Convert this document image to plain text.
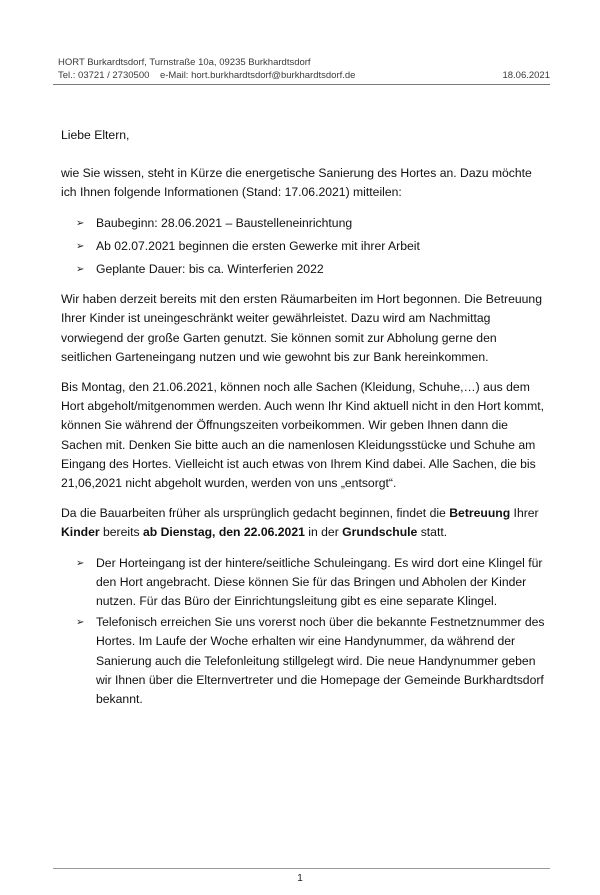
HORT Burkardtsdorf, Turnstraße 10a, 09235 Burkhardtsdorf
Tel.: 03721 / 2730500    e-Mail: hort.burkhardtsdorf@burkhardtsdorf.de	18.06.2021

Liebe Eltern,

wie Sie wissen, steht in Kürze die energetische Sanierung des Hortes an. Dazu möchte ich Ihnen folgende Informationen (Stand: 17.06.2021) mitteilen:

➢ Baubeginn: 28.06.2021 – Baustelleneinrichtung
➢ Ab 02.07.2021 beginnen die ersten Gewerke mit ihrer Arbeit
➢ Geplante Dauer: bis ca. Winterferien 2022

Wir haben derzeit bereits mit den ersten Räumarbeiten im Hort begonnen. Die Betreuung Ihrer Kinder ist uneingeschränkt weiter gewährleistet. Dazu wird am Nachmittag vorwiegend der große Garten genutzt. Sie können somit zur Abholung gerne den seitlichen Garteneingang nutzen und wie gewohnt bis zur Bank hereinkommen.

Bis Montag, den 21.06.2021, können noch alle Sachen (Kleidung, Schuhe,…) aus dem Hort abgeholt/mitgenommen werden. Auch wenn Ihr Kind aktuell nicht in den Hort kommt, können Sie während der Öffnungszeiten vorbeikommen. Wir geben Ihnen dann die Sachen mit. Denken Sie bitte auch an die namenlosen Kleidungsstücke und Schuhe am Eingang des Hortes. Vielleicht ist auch etwas von Ihrem Kind dabei. Alle Sachen, die bis 21,06,2021 nicht abgeholt wurden, werden von uns „entsorgt“.

Da die Bauarbeiten früher als ursprünglich gedacht beginnen, findet die Betreuung Ihrer Kinder bereits ab Dienstag, den 22.06.2021 in der Grundschule statt.

➢ Der Horteingang ist der hintere/seitliche Schuleingang. Es wird dort eine Klingel für den Hort angebracht. Diese können Sie für das Bringen und Abholen der Kinder nutzen. Für das Büro der Einrichtungsleitung gibt es eine separate Klingel.
➢ Telefonisch erreichen Sie uns vorerst noch über die bekannte Festnetznummer des Hortes. Im Laufe der Woche erhalten wir eine Handynummer, da während der Sanierung auch die Telefonleitung stillgelegt wird. Die neue Handynummer geben wir Ihnen über die Elternvertreter und die Homepage der Gemeinde Burkhardtsdorf bekannt.
1
